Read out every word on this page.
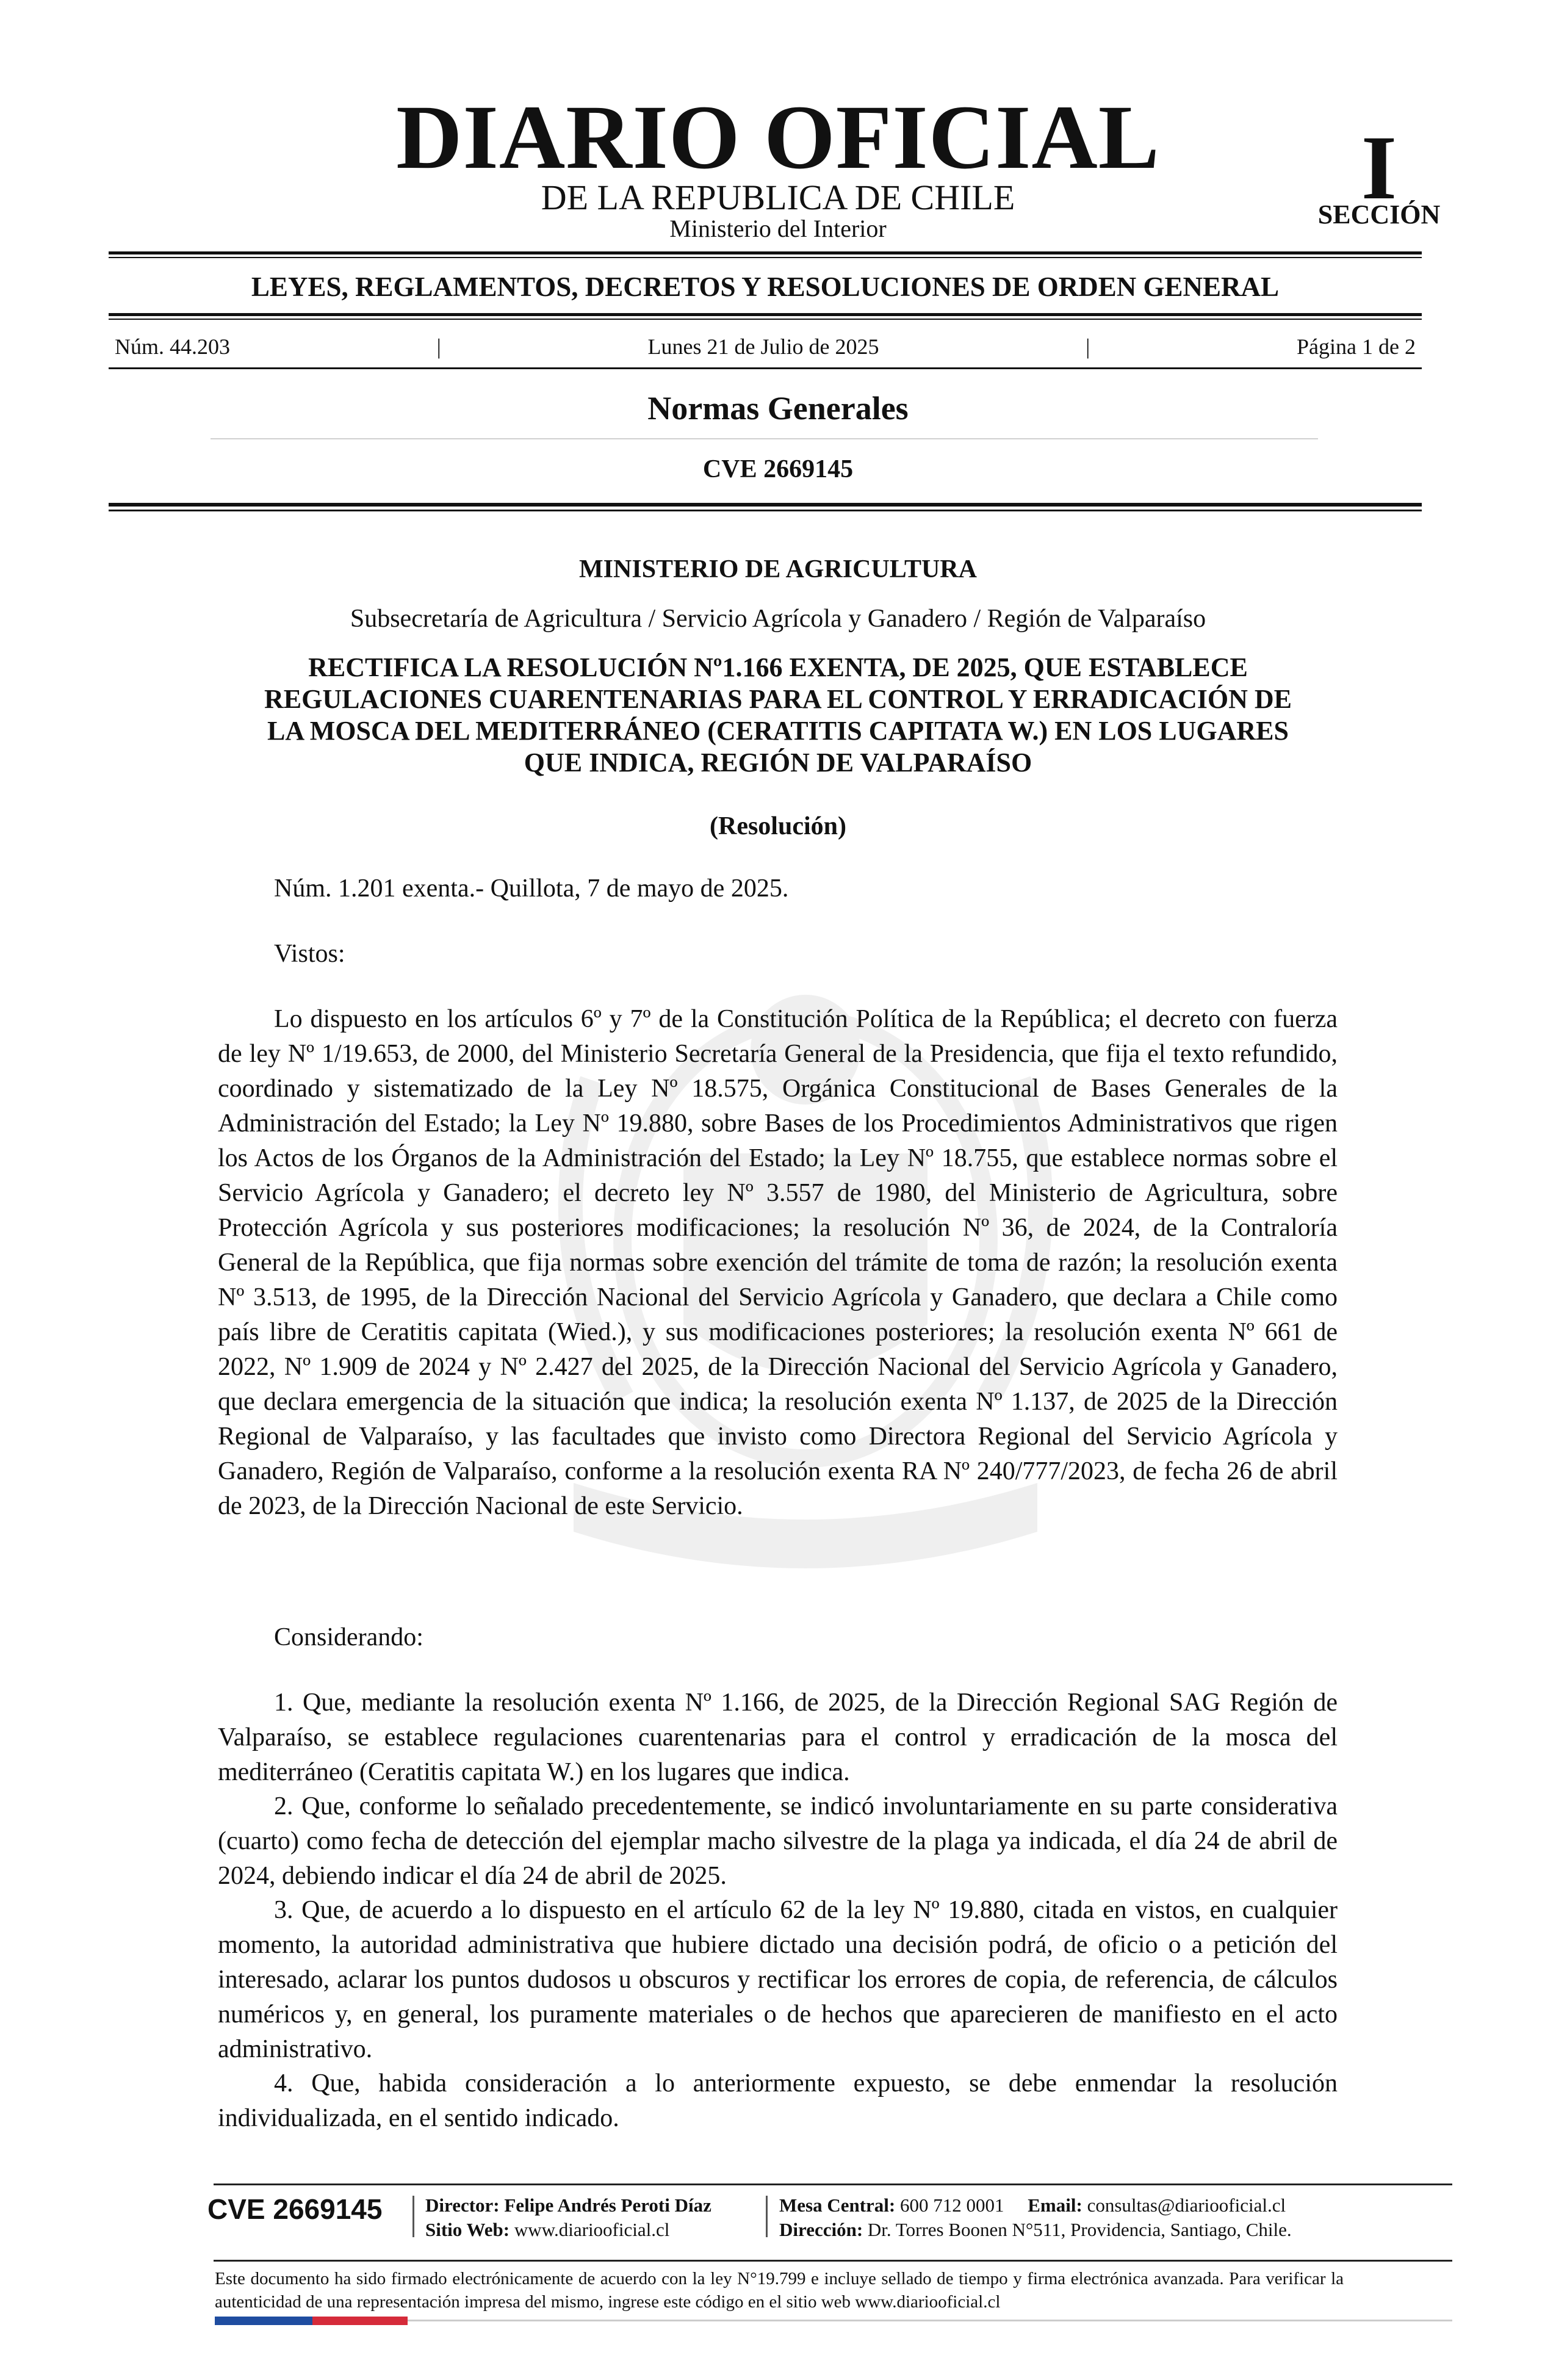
DIARIO OFICIAL
DE LA REPUBLICA DE CHILE
Ministerio del Interior
I
SECCIÓN
LEYES, REGLAMENTOS, DECRETOS Y RESOLUCIONES DE ORDEN GENERAL
Núm. 44.203	|	Lunes 21 de Julio de 2025	|	Página 1 de 2
Normas Generales
CVE 2669145
MINISTERIO DE AGRICULTURA
Subsecretaría de Agricultura / Servicio Agrícola y Ganadero / Región de Valparaíso
RECTIFICA LA RESOLUCIÓN Nº1.166 EXENTA, DE 2025, QUE ESTABLECE
REGULACIONES CUARENTENARIAS PARA EL CONTROL Y ERRADICACIÓN DE
LA MOSCA DEL MEDITERRÁNEO (CERATITIS CAPITATA W.) EN LOS LUGARES
QUE INDICA, REGIÓN DE VALPARAÍSO
(Resolución)

Núm. 1.201 exenta.- Quillota, 7 de mayo de 2025.

Vistos:

Lo dispuesto en los artículos 6º y 7º de la Constitución Política de la República; el decreto con fuerza de ley Nº 1/19.653, de 2000, del Ministerio Secretaría General de la Presidencia, que fija el texto refundido, coordinado y sistematizado de la Ley Nº 18.575, Orgánica Constitucional de Bases Generales de la Administración del Estado; la Ley Nº 19.880, sobre Bases de los Procedimientos Administrativos que rigen los Actos de los Órganos de la Administración del Estado; la Ley Nº 18.755, que establece normas sobre el Servicio Agrícola y Ganadero; el decreto ley Nº 3.557 de 1980, del Ministerio de Agricultura, sobre Protección Agrícola y sus posteriores modificaciones; la resolución Nº 36, de 2024, de la Contraloría General de la República, que fija normas sobre exención del trámite de toma de razón; la resolución exenta Nº 3.513, de 1995, de la Dirección Nacional del Servicio Agrícola y Ganadero, que declara a Chile como país libre de Ceratitis capitata (Wied.), y sus modificaciones posteriores; la resolución exenta Nº 661 de 2022, Nº 1.909 de 2024 y Nº 2.427 del 2025, de la Dirección Nacional del Servicio Agrícola y Ganadero, que declara emergencia de la situación que indica; la resolución exenta Nº 1.137, de 2025 de la Dirección Regional de Valparaíso, y las facultades que invisto como Directora Regional del Servicio Agrícola y Ganadero, Región de Valparaíso, conforme a la resolución exenta RA Nº 240/777/2023, de fecha 26 de abril de 2023, de la Dirección Nacional de este Servicio.

Considerando:

1. Que, mediante la resolución exenta Nº 1.166, de 2025, de la Dirección Regional SAG Región de Valparaíso, se establece regulaciones cuarentenarias para el control y erradicación de la mosca del mediterráneo (Ceratitis capitata W.) en los lugares que indica.

2. Que, conforme lo señalado precedentemente, se indicó involuntariamente en su parte considerativa (cuarto) como fecha de detección del ejemplar macho silvestre de la plaga ya indicada, el día 24 de abril de 2024, debiendo indicar el día 24 de abril de 2025.

3. Que, de acuerdo a lo dispuesto en el artículo 62 de la ley Nº 19.880, citada en vistos, en cualquier momento, la autoridad administrativa que hubiere dictado una decisión podrá, de oficio o a petición del interesado, aclarar los puntos dudosos u obscuros y rectificar los errores de copia, de referencia, de cálculos numéricos y, en general, los puramente materiales o de hechos que aparecieren de manifiesto en el acto administrativo.

4. Que, habida consideración a lo anteriormente expuesto, se debe enmendar la resolución individualizada, en el sentido indicado.

CVE 2669145	Director: Felipe Andrés Peroti Díaz
Sitio Web: www.diariooficial.cl
Mesa Central: 600 712 0001 Email: consultas@diariooficial.cl
Dirección: Dr. Torres Boonen N°511, Providencia, Santiago, Chile.
Este documento ha sido firmado electrónicamente de acuerdo con la ley N°19.799 e incluye sellado de tiempo y firma electrónica avanzada. Para verificar la autenticidad de una representación impresa del mismo, ingrese este código en el sitio web www.diariooficial.cl
